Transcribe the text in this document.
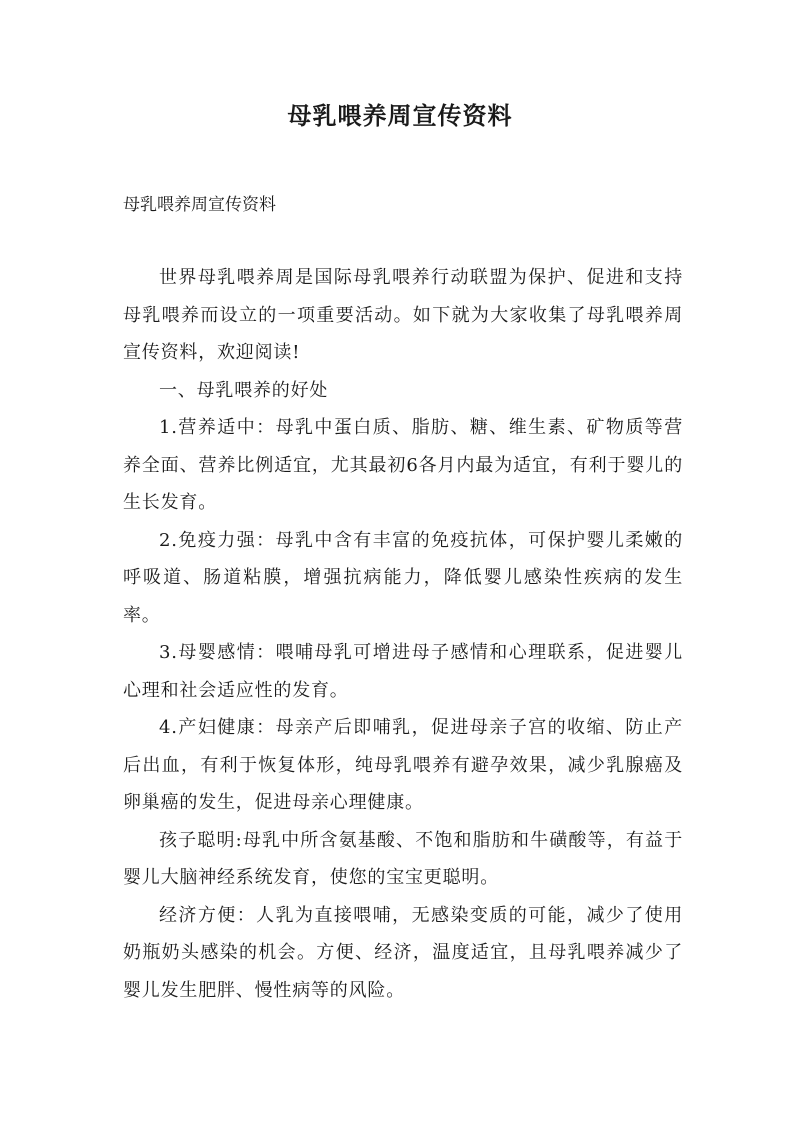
母乳喂养周宣传资料

母乳喂养周宣传资料

世界母乳喂养周是国际母乳喂养行动联盟为保护、促进和支持母乳喂养而设立的一项重要活动。如下就为大家收集了母乳喂养周宣传资料，欢迎阅读!

一、母乳喂养的好处

1.营养适中：母乳中蛋白质、脂肪、糖、维生素、矿物质等营养全面、营养比例适宜，尤其最初6各月内最为适宜，有利于婴儿的生长发育。

2.免疫力强：母乳中含有丰富的免疫抗体，可保护婴儿柔嫩的呼吸道、肠道粘膜，增强抗病能力，降低婴儿感染性疾病的发生率。

3.母婴感情：喂哺母乳可增进母子感情和心理联系，促进婴儿心理和社会适应性的发育。

4.产妇健康：母亲产后即哺乳，促进母亲子宫的收缩、防止产后出血，有利于恢复体形，纯母乳喂养有避孕效果，减少乳腺癌及卵巢癌的发生，促进母亲心理健康。

孩子聪明:母乳中所含氨基酸、不饱和脂肪和牛磺酸等，有益于婴儿大脑神经系统发育，使您的宝宝更聪明。

经济方便：人乳为直接喂哺，无感染变质的可能，减少了使用奶瓶奶头感染的机会。方便、经济，温度适宜，且母乳喂养减少了婴儿发生肥胖、慢性病等的风险。
